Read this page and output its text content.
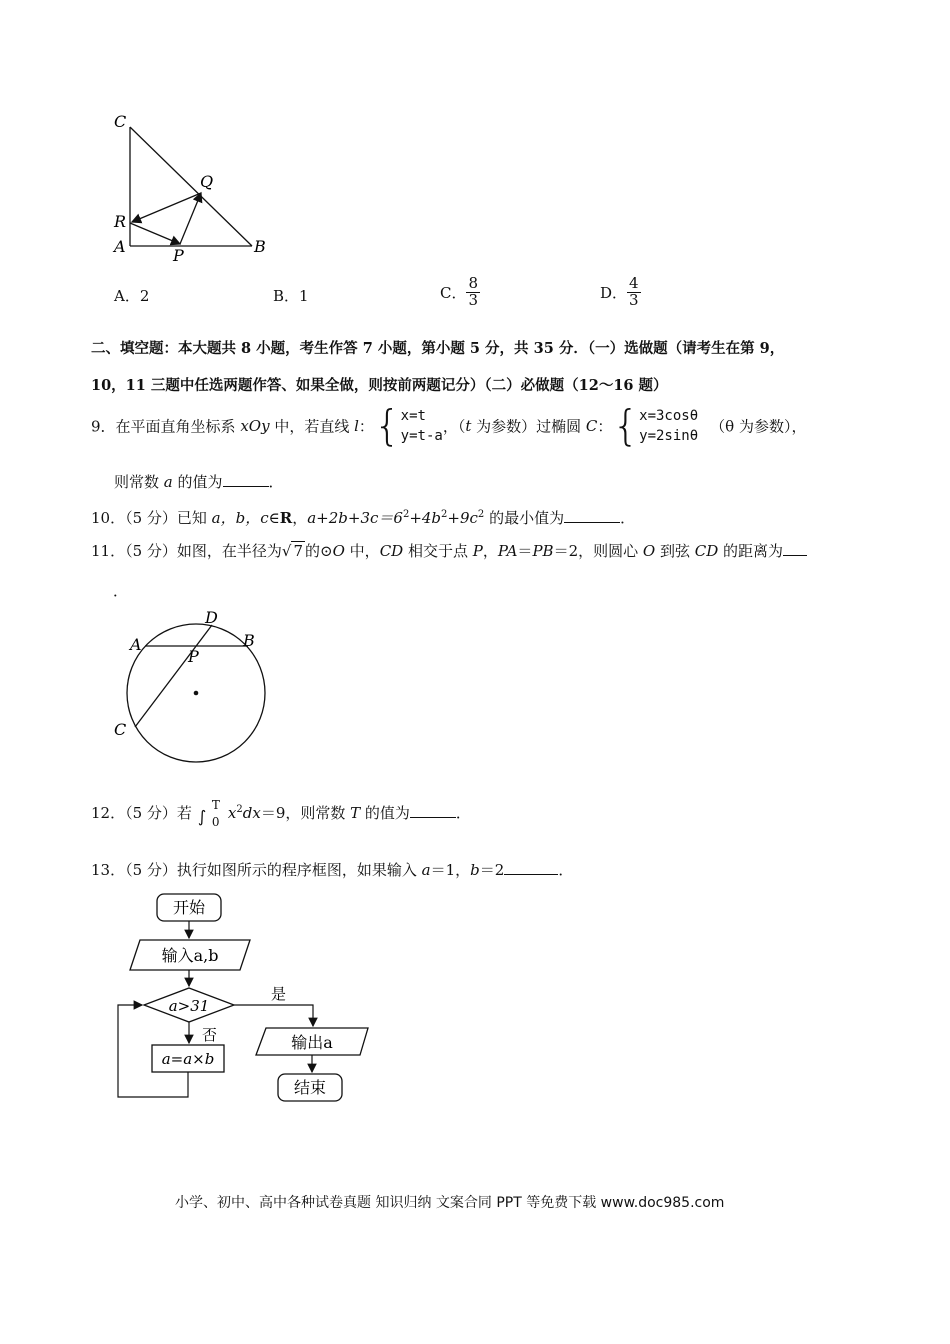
C
Q
R
A	P	B
A．2	B．1	C． $\frac{8}{3}$	D． $\frac{4}{3}$
二、填空题：本大题共 8 小题，考生作答 7 小题，第小题 5 分，共 35 分．（一）选做题（请考生在第 9，
10，11 三题中任选两题作答、如果全做，则按前两题记分）（二）必做题（12～16 题）
9．在平面直角坐标系 xOy 中，若直线 l：{x=t
y=t-a，（t 为参数）过椭圆 C：{x=3cosθ
y=2sinθ（θ 为参数），
则常数 a 的值为	．
10．（5 分）已知 a，b，c∈R，$a+2b+3c=6^2+4b^2+9c^2$ 的最小值为	．
11．（5 分）如图，在半径为√ 7 的⊙O 中，CD 相交于点 P，PA＝PB＝2，则圆心 O 到弦 CD 的距离为
．
A
D
B
P
C
12．（5 分）若 ∫
T
0 $x^2dx=9$，则常数 T 的值为	．
13．（5 分）执行如图所示的程序框图，如果输入 a＝1，b＝2	．
开始
输入a,b
a>31
是
否
a=a×b
输出a
结束
小学、初中、高中各种试卷真题 知识归纳 文案合同 PPT 等免费下载 www.doc985.com
